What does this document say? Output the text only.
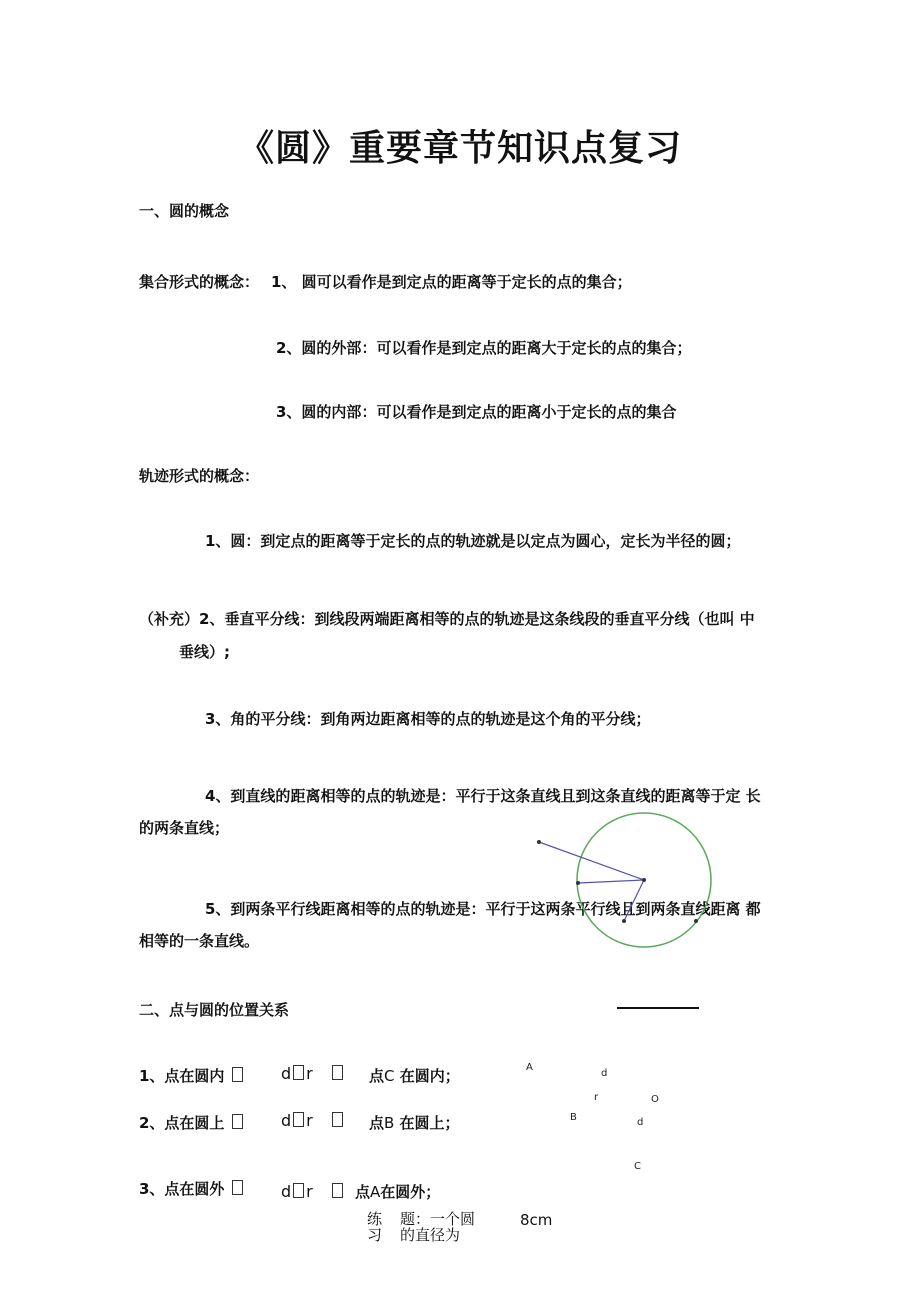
《圆》重要章节知识点复习
一、圆的概念
集合形式的概念： 1、 圆可以看作是到定点的距离等于定长的点的集合；
2、圆的外部：可以看作是到定点的距离大于定长的点的集合；
3、圆的内部：可以看作是到定点的距离小于定长的点的集合
轨迹形式的概念：
1、圆：到定点的距离等于定长的点的轨迹就是以定点为圆心，定长为半径的圆；
（补充）2、垂直平分线：到线段两端距离相等的点的轨迹是这条线段的垂直平分线（也叫 中
垂线）;
3、角的平分线：到角两边距离相等的点的轨迹是这个角的平分线；
4、到直线的距离相等的点的轨迹是：平行于这条直线且到这条直线的距离等于定 长
的两条直线；
5、到两条平行线距离相等的点的轨迹是：平行于这两条平行线且到两条直线距离 都
相等的一条直线。
二、点与圆的位置关系
1、点在圆内	d r	点C 在圆内；
2、点在圆上	d r	点B 在圆上；
3、点在圆外	d r	点A在圆外；
A
d
r	O
B	d
C
练
习
题：一个圆
的直径为
8cm
